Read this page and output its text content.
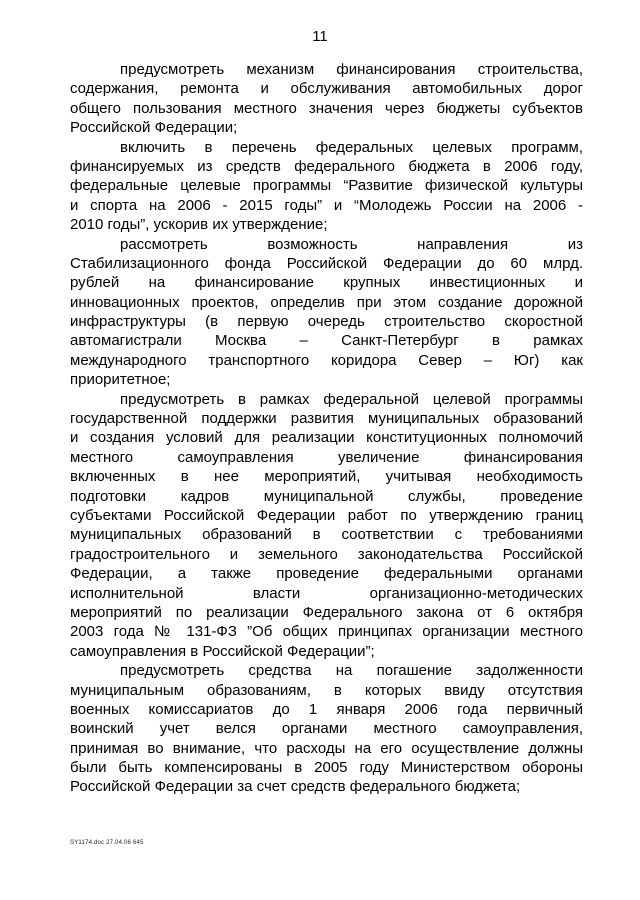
11
предусмотреть механизм финансирования строительства,
содержания, ремонта и обслуживания автомобильных дорог
общего пользования местного значения через бюджеты субъектов
Российской Федерации;
включить в перечень федеральных целевых программ,
финансируемых из средств федерального бюджета в 2006 году,
федеральные целевые программы “Развитие физической культуры
и спорта на 2006 - 2015 годы” и “Молодежь России на 2006 -
2010 годы”, ускорив их утверждение;
рассмотреть возможность направления из
Стабилизационного фонда Российской Федерации до 60 млрд.
рублей на финансирование крупных инвестиционных и
инновационных проектов, определив при этом создание дорожной
инфраструктуры (в первую очередь строительство скоростной
автомагистрали Москва – Санкт-Петербург в рамках
международного транспортного коридора Север – Юг) как
приоритетное;
предусмотреть в рамках федеральной целевой программы
государственной поддержки развития муниципальных образований
и создания условий для реализации конституционных полномочий
местного самоуправления увеличение финансирования
включенных в нее мероприятий, учитывая необходимость
подготовки кадров муниципальной службы, проведение
субъектами Российской Федерации работ по утверждению границ
муниципальных образований в соответствии с требованиями
градостроительного и земельного законодательства Российской
Федерации, а также проведение федеральными органами
исполнительной власти организационно-методических
мероприятий по реализации Федерального закона от 6 октября
2003 года № 131-ФЗ ”Об общих принципах организации местного
самоуправления в Российской Федерации”;
предусмотреть средства на погашение задолженности
муниципальным образованиям, в которых ввиду отсутствия
военных комиссариатов до 1 января 2006 года первичный
воинский учет велся органами местного самоуправления,
принимая во внимание, что расходы на его осуществление должны
были быть компенсированы в 2005 году Министерством обороны
Российской Федерации за счет средств федерального бюджета;
SY1174.doc 27.04.06 645
